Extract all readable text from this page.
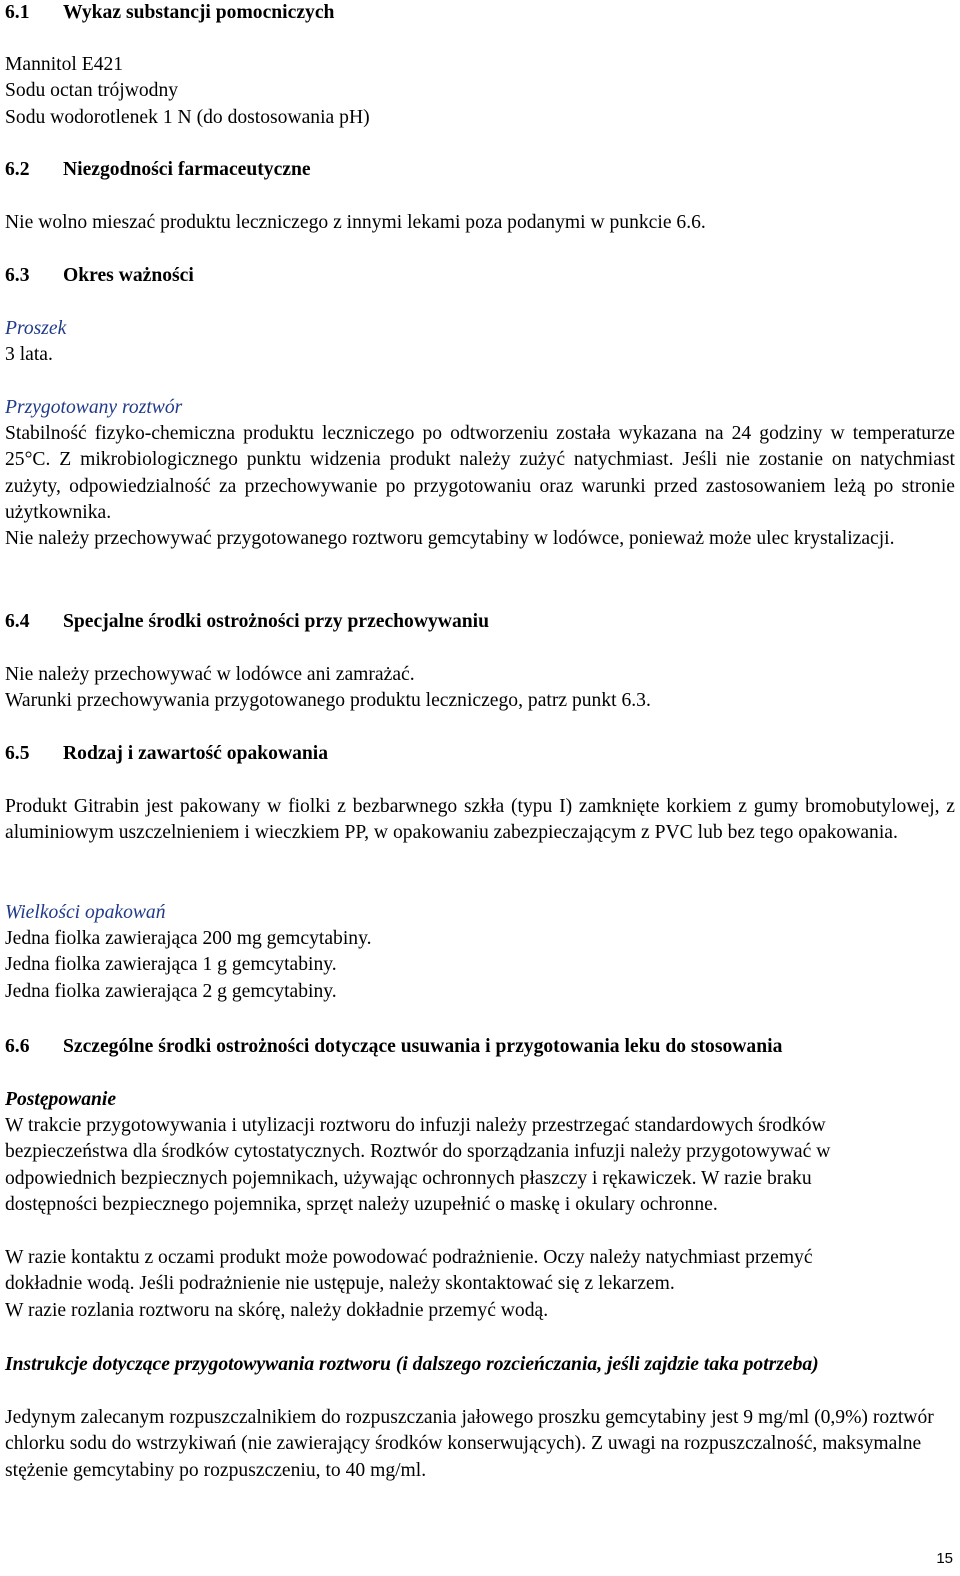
6.1	Wykaz substancji pomocniczych

Mannitol E421

Sodu octan trójwodny

Sodu wodorotlenek 1 N (do dostosowania pH)

6.2	Niezgodności farmaceutyczne

Nie wolno mieszać produktu leczniczego z innymi lekami poza podanymi w punkcie 6.6.

6.3	Okres ważności

Proszek

3 lata.

Przygotowany roztwór

Stabilność fizyko-chemiczna produktu leczniczego po odtworzeniu została wykazana na 24 godziny w temperaturze 25°C. Z mikrobiologicznego punktu widzenia produkt należy zużyć natychmiast. Jeśli nie zostanie on natychmiast zużyty, odpowiedzialność za przechowywanie po przygotowaniu oraz warunki przed zastosowaniem leżą po stronie użytkownika.

Nie należy przechowywać przygotowanego roztworu gemcytabiny w lodówce, ponieważ może ulec krystalizacji.

6.4	Specjalne środki ostrożności przy przechowywaniu

Nie należy przechowywać w lodówce ani zamrażać.

Warunki przechowywania przygotowanego produktu leczniczego, patrz punkt 6.3.

6.5	Rodzaj i zawartość opakowania

Produkt Gitrabin jest pakowany w fiolki z bezbarwnego szkła (typu I) zamknięte korkiem z gumy bromobutylowej, z aluminiowym uszczelnieniem i wieczkiem PP, w opakowaniu zabezpieczającym z PVC lub bez tego opakowania.

Wielkości opakowań

Jedna fiolka zawierająca 200 mg gemcytabiny.

Jedna fiolka zawierająca 1 g gemcytabiny.

Jedna fiolka zawierająca 2 g gemcytabiny.

6.6	Szczególne środki ostrożności dotyczące usuwania i przygotowania leku do stosowania

Postępowanie

W trakcie przygotowywania i utylizacji roztworu do infuzji należy przestrzegać standardowych środków bezpieczeństwa dla środków cytostatycznych. Roztwór do sporządzania infuzji należy przygotowywać w odpowiednich bezpiecznych pojemnikach, używając ochronnych płaszczy i rękawiczek. W razie braku dostępności bezpiecznego pojemnika, sprzęt należy uzupełnić o maskę i okulary ochronne.

W razie kontaktu z oczami produkt może powodować podrażnienie. Oczy należy natychmiast przemyć dokładnie wodą. Jeśli podrażnienie nie ustępuje, należy skontaktować się z lekarzem.

W razie rozlania roztworu na skórę, należy dokładnie przemyć wodą.

Instrukcje dotyczące przygotowywania roztworu (i dalszego rozcieńczania, jeśli zajdzie taka potrzeba)

Jedynym zalecanym rozpuszczalnikiem do rozpuszczania jałowego proszku gemcytabiny jest 9 mg/ml (0,9%) roztwór chlorku sodu do wstrzykiwań (nie zawierający środków konserwujących). Z uwagi na rozpuszczalność, maksymalne stężenie gemcytabiny po rozpuszczeniu, to 40 mg/ml.

15
